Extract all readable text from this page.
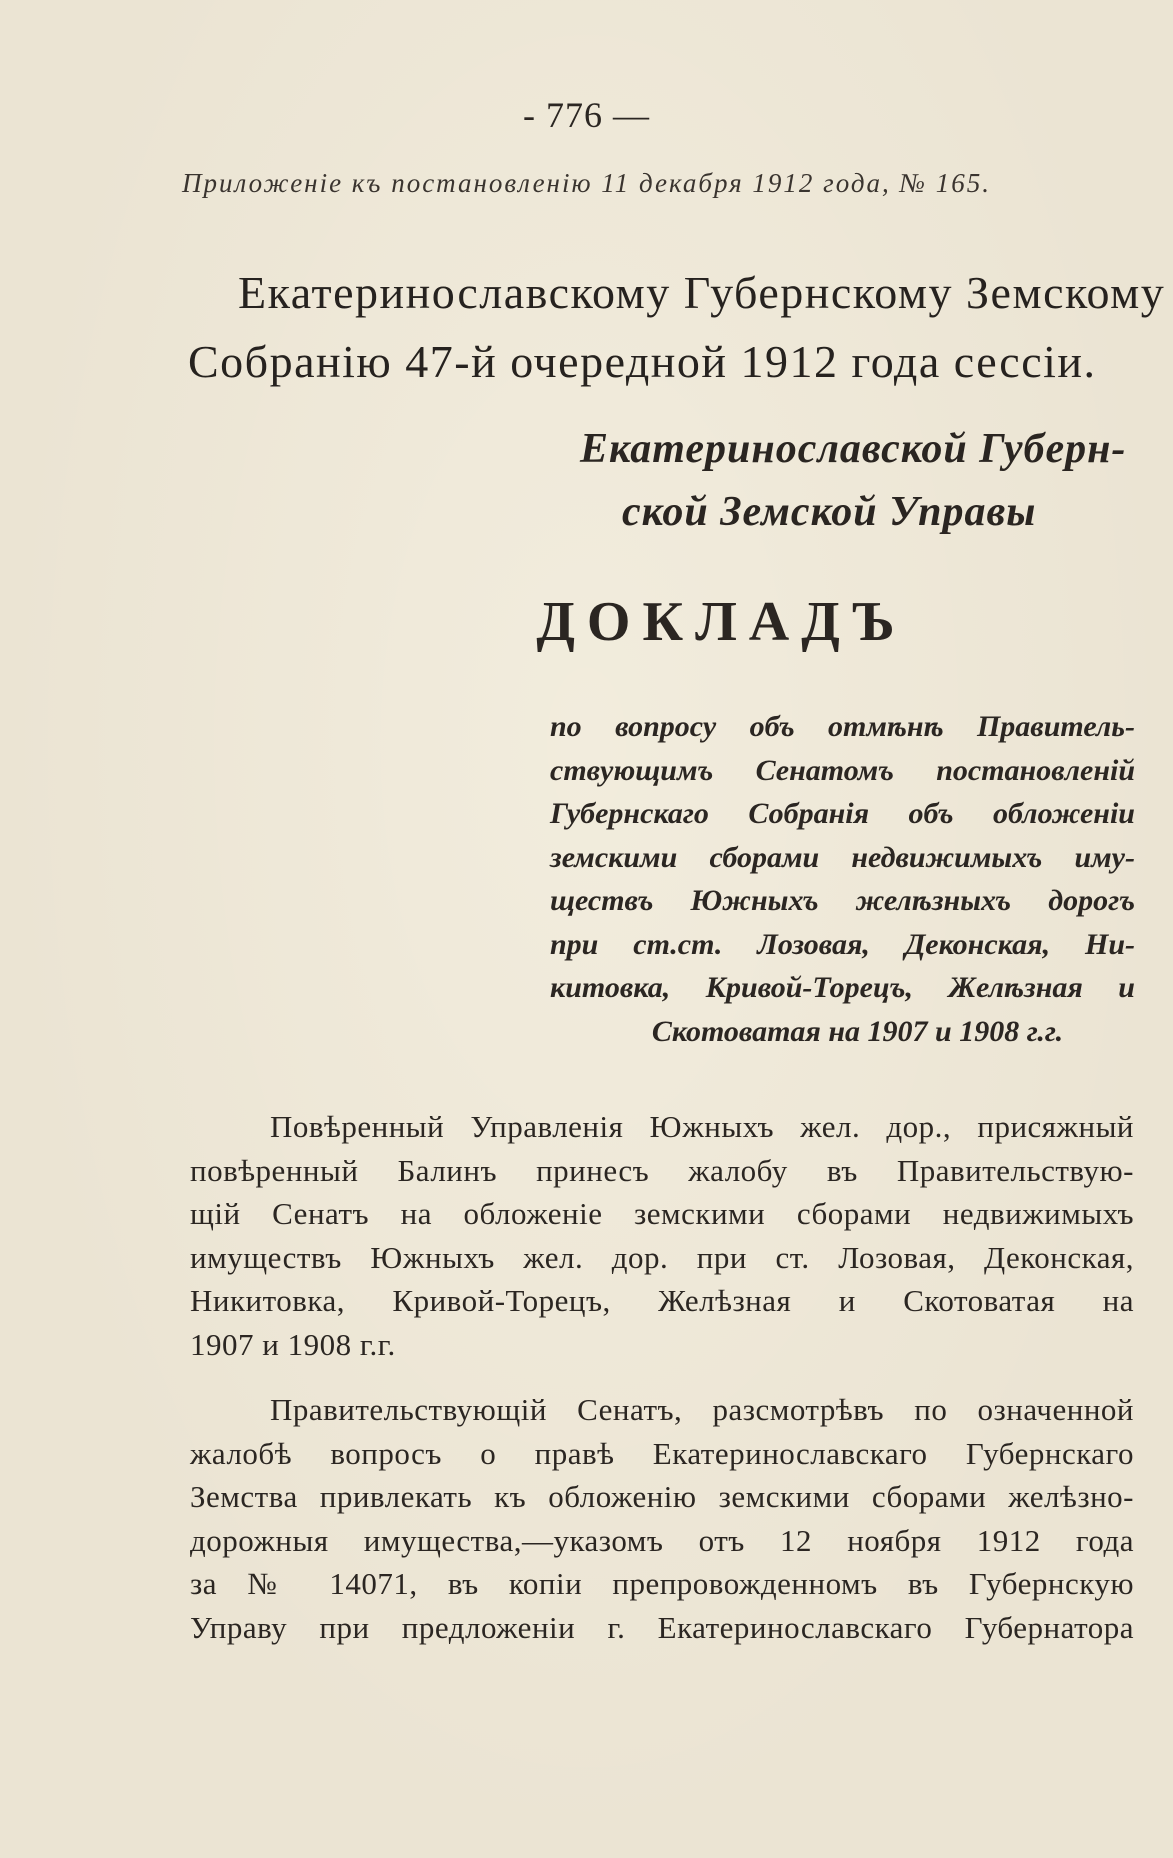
- 776 —

Приложеніе къ постановленію 11 декабря 1912 года, № 165.

Екатеринославскому Губернскому Земскому

Собранію 47-й очередной 1912 года сессіи.

Екатеринославской Губерн-

ской Земской Управы

ДОКЛАДЪ

по вопросу объ отмѣнѣ Правитель-
ствующимъ Сенатомъ постановленій
Губернскаго Собранія объ обложеніи
земскими сборами недвижимыхъ иму-
ществъ Южныхъ желѣзныхъ дорогъ
при ст.ст. Лозовая, Деконская, Ни-
китовка, Кривой-Торецъ, Желѣзная и
Скотоватая на 1907 и 1908 г.г.
Повѣренный Управленія Южныхъ жел. дор., присяжный
повѣренный Балинъ принесъ жалобу въ Правительствую-
щій Сенатъ на обложеніе земскими сборами недвижимыхъ
имуществъ Южныхъ жел. дор. при ст. Лозовая, Деконская,
Никитовка, Кривой-Торецъ, Желѣзная и Скотоватая на
1907 и 1908 г.г.
Правительствующій Сенатъ, разсмотрѣвъ по означенной
жалобѣ вопросъ о правѣ Екатеринославскаго Губернскаго
Земства привлекать къ обложенію земскими сборами желѣзно-
дорожныя имущества,—указомъ отъ 12 ноября 1912 года
за № 14071, въ копіи препровожденномъ въ Губернскую
Управу при предложеніи г. Екатеринославскаго Губернатора
